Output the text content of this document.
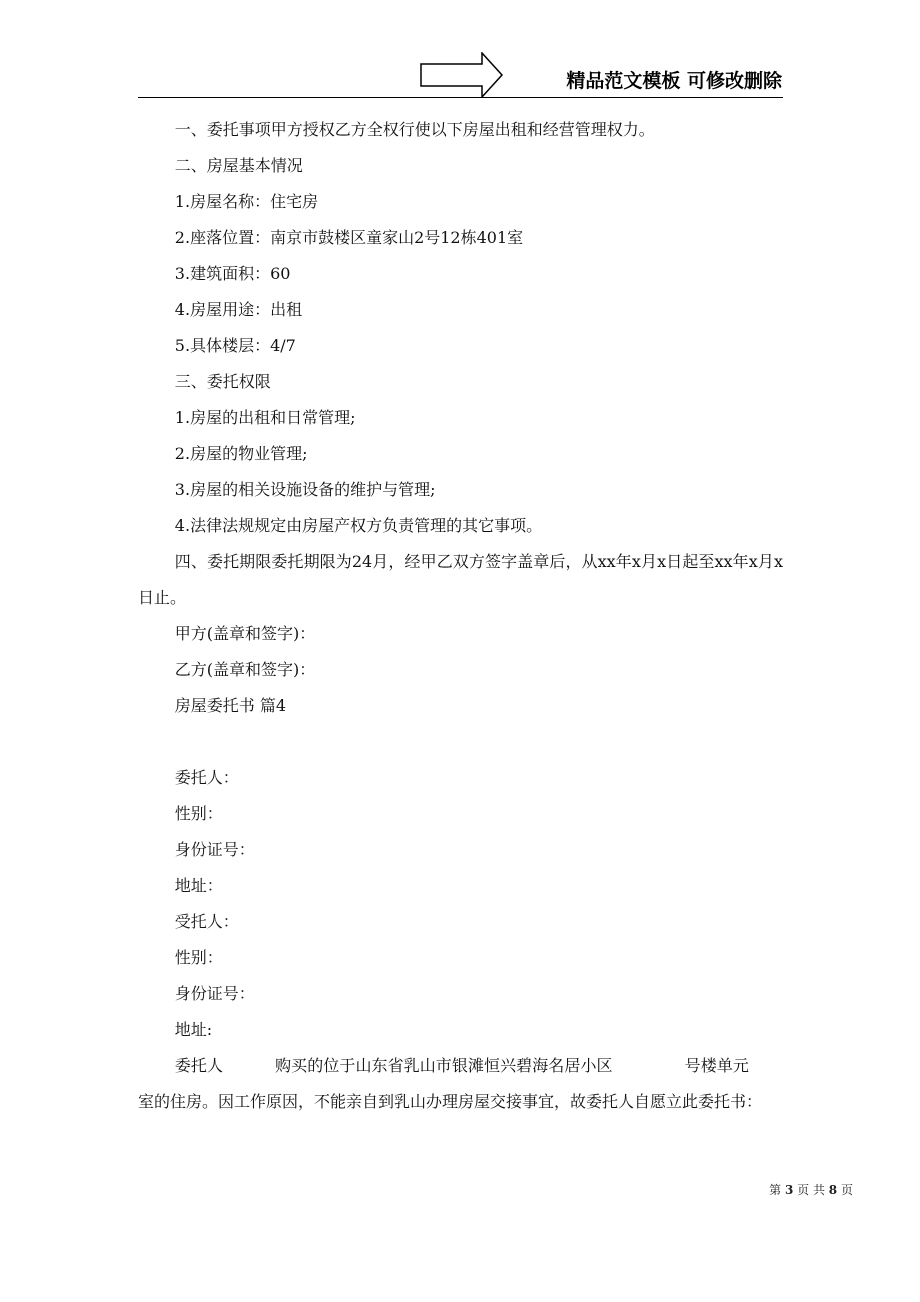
精品范文模板 可修改删除

一、委托事项甲方授权乙方全权行使以下房屋出租和经营管理权力。

二、房屋基本情况

1.房屋名称：住宅房

2.座落位置：南京市鼓楼区童家山2号12栋401室

3.建筑面积：60

4.房屋用途：出租

5.具体楼层：4/7

三、委托权限

1.房屋的出租和日常管理;

2.房屋的物业管理;

3.房屋的相关设施设备的维护与管理;

4.法律法规规定由房屋产权方负责管理的其它事项。

四、委托期限委托期限为24月，经甲乙双方签字盖章后，从xx年x月x日起至xx年x月x日止。

甲方(盖章和签字)：

乙方(盖章和签字)：

房屋委托书 篇4

委托人：

性别：

身份证号：

地址：

受托人：

性别：

身份证号：

地址:

委托人	购买的位于山东省乳山市银滩恒兴碧海名居小区	号楼单元室的住房。因工作原因，不能亲自到乳山办理房屋交接事宜，故委托人自愿立此委托书：

第 3 页 共 8 页
